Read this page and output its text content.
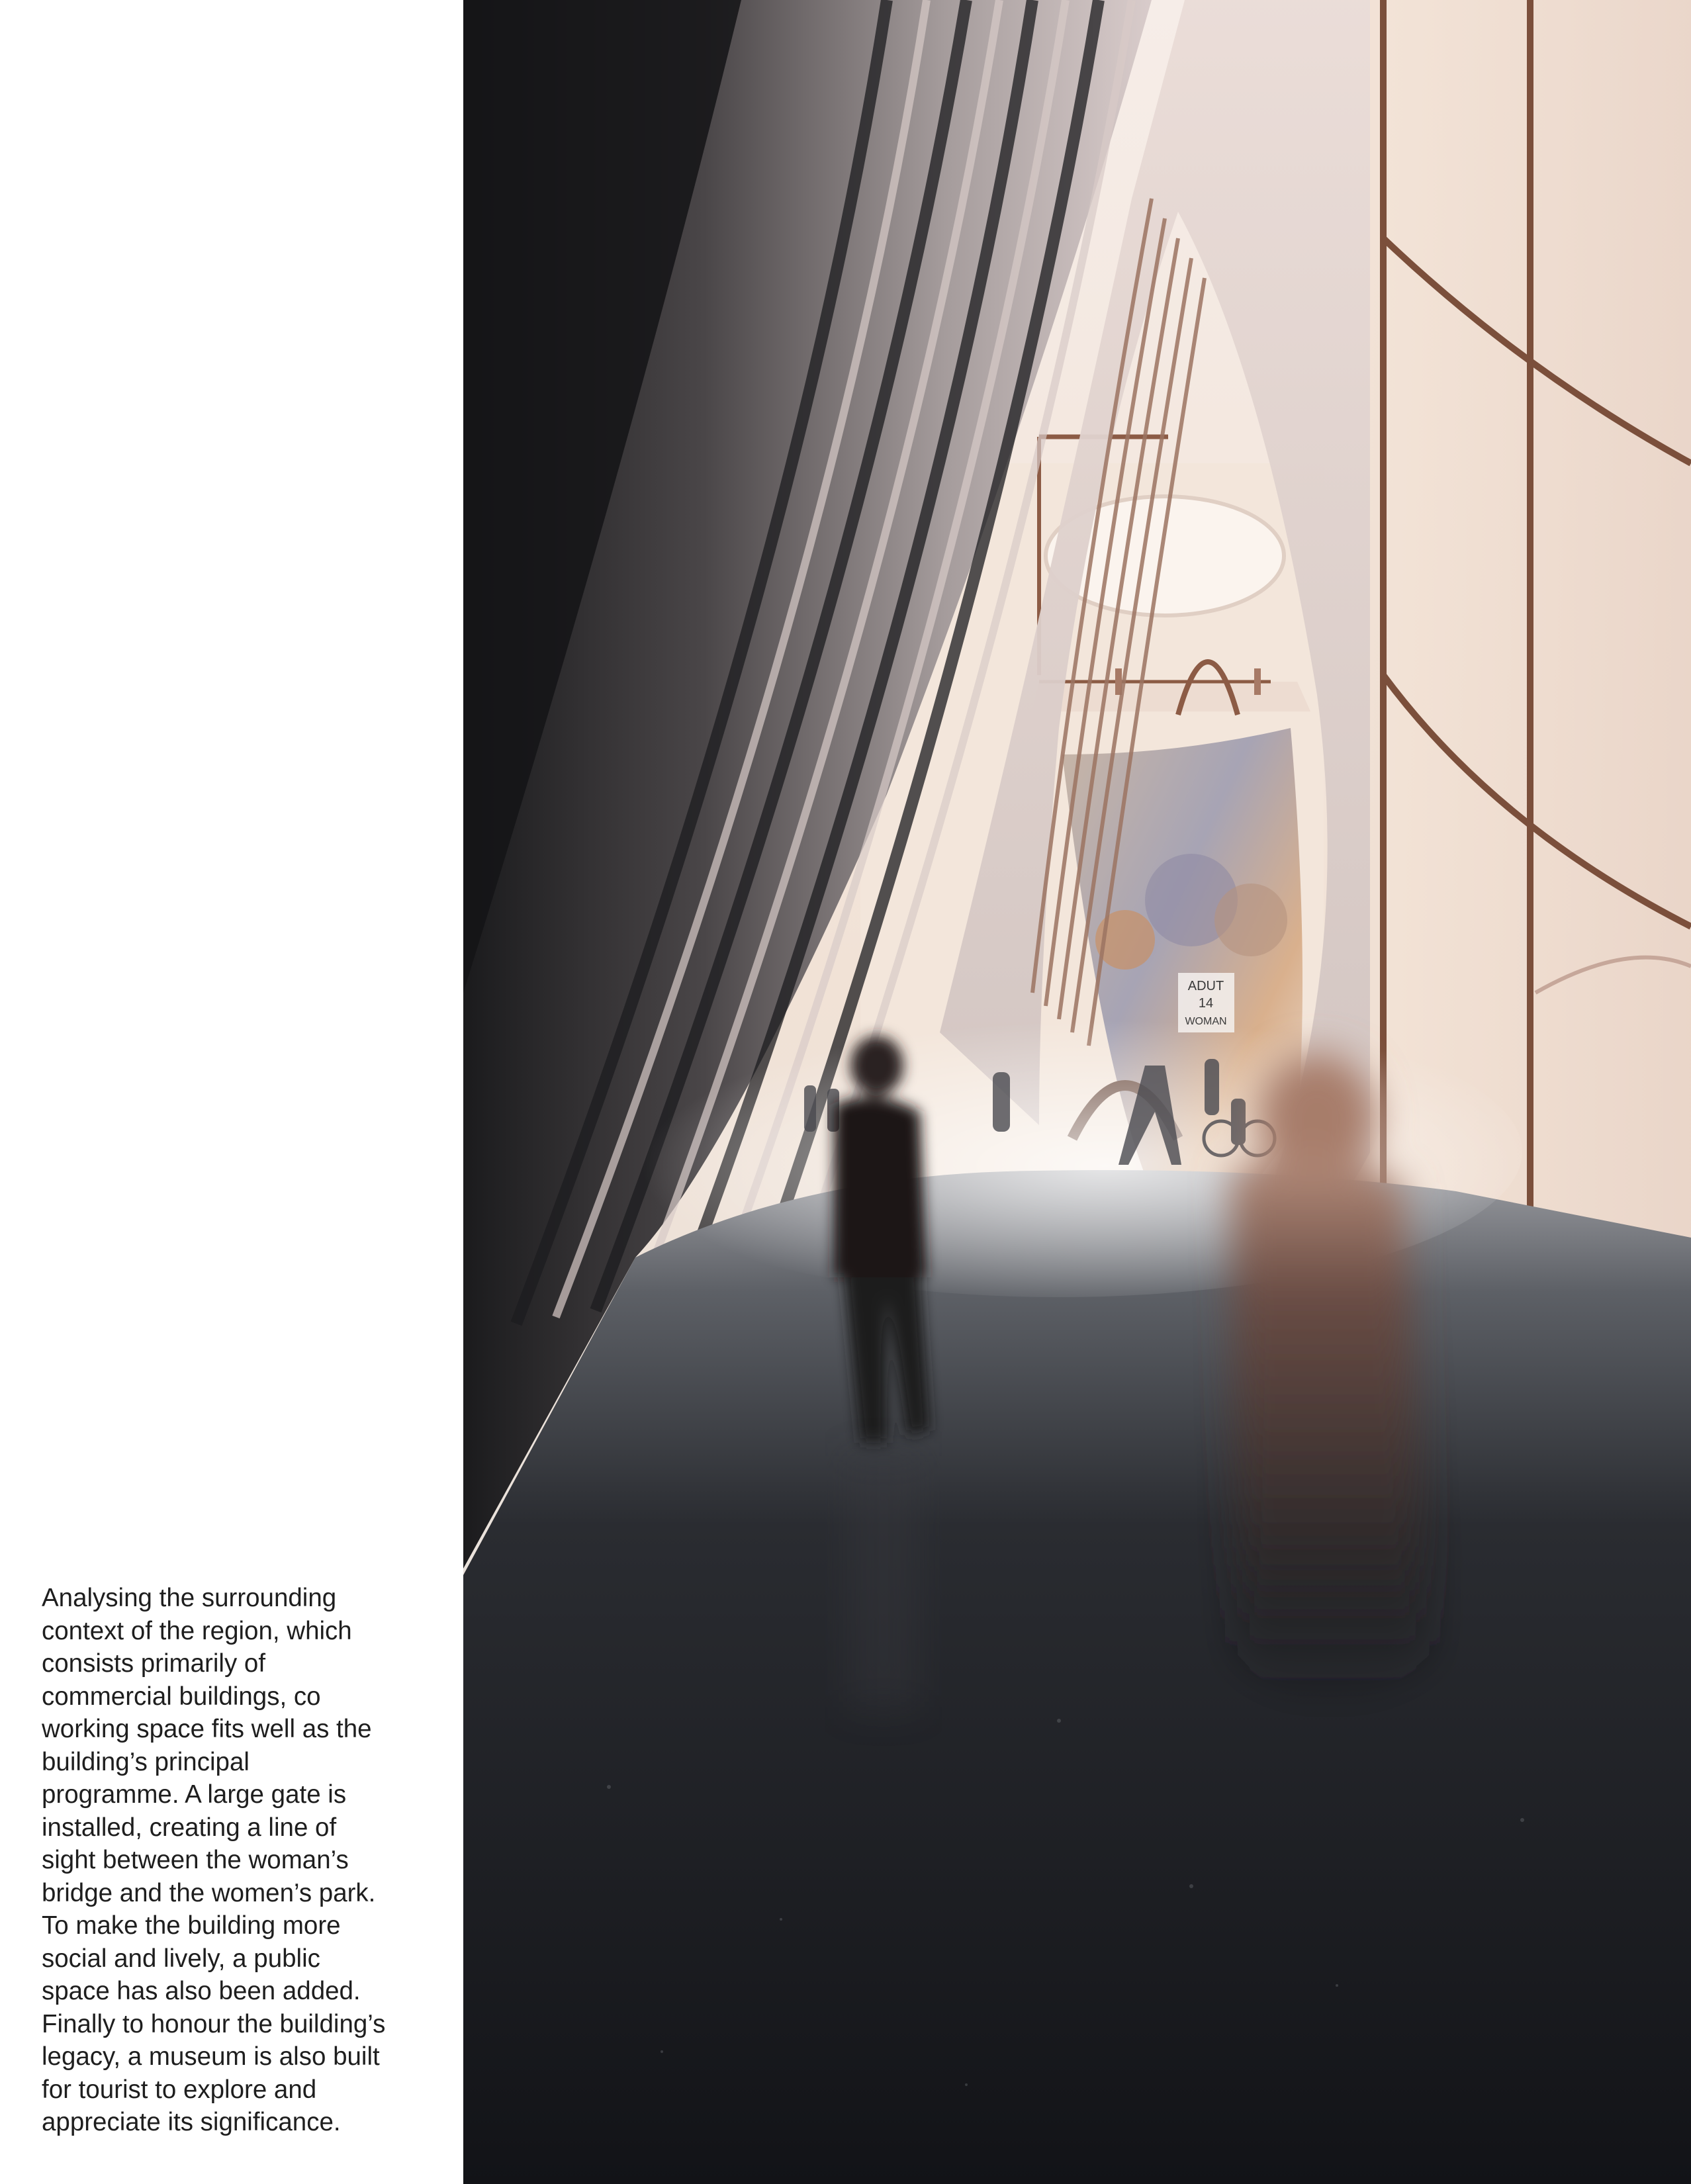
Analysing the surrounding
context of the region, which
consists primarily of
commercial buildings, co
working space fits well as the
building’s principal
programme. A large gate is
installed, creating a line of
sight between the woman’s
bridge and the women’s park.
To make the building more
social and lively, a public
space has also been added.
Finally to honour the building’s
legacy, a museum is also built
for tourist to explore and
appreciate its significance.

ADUT
14
